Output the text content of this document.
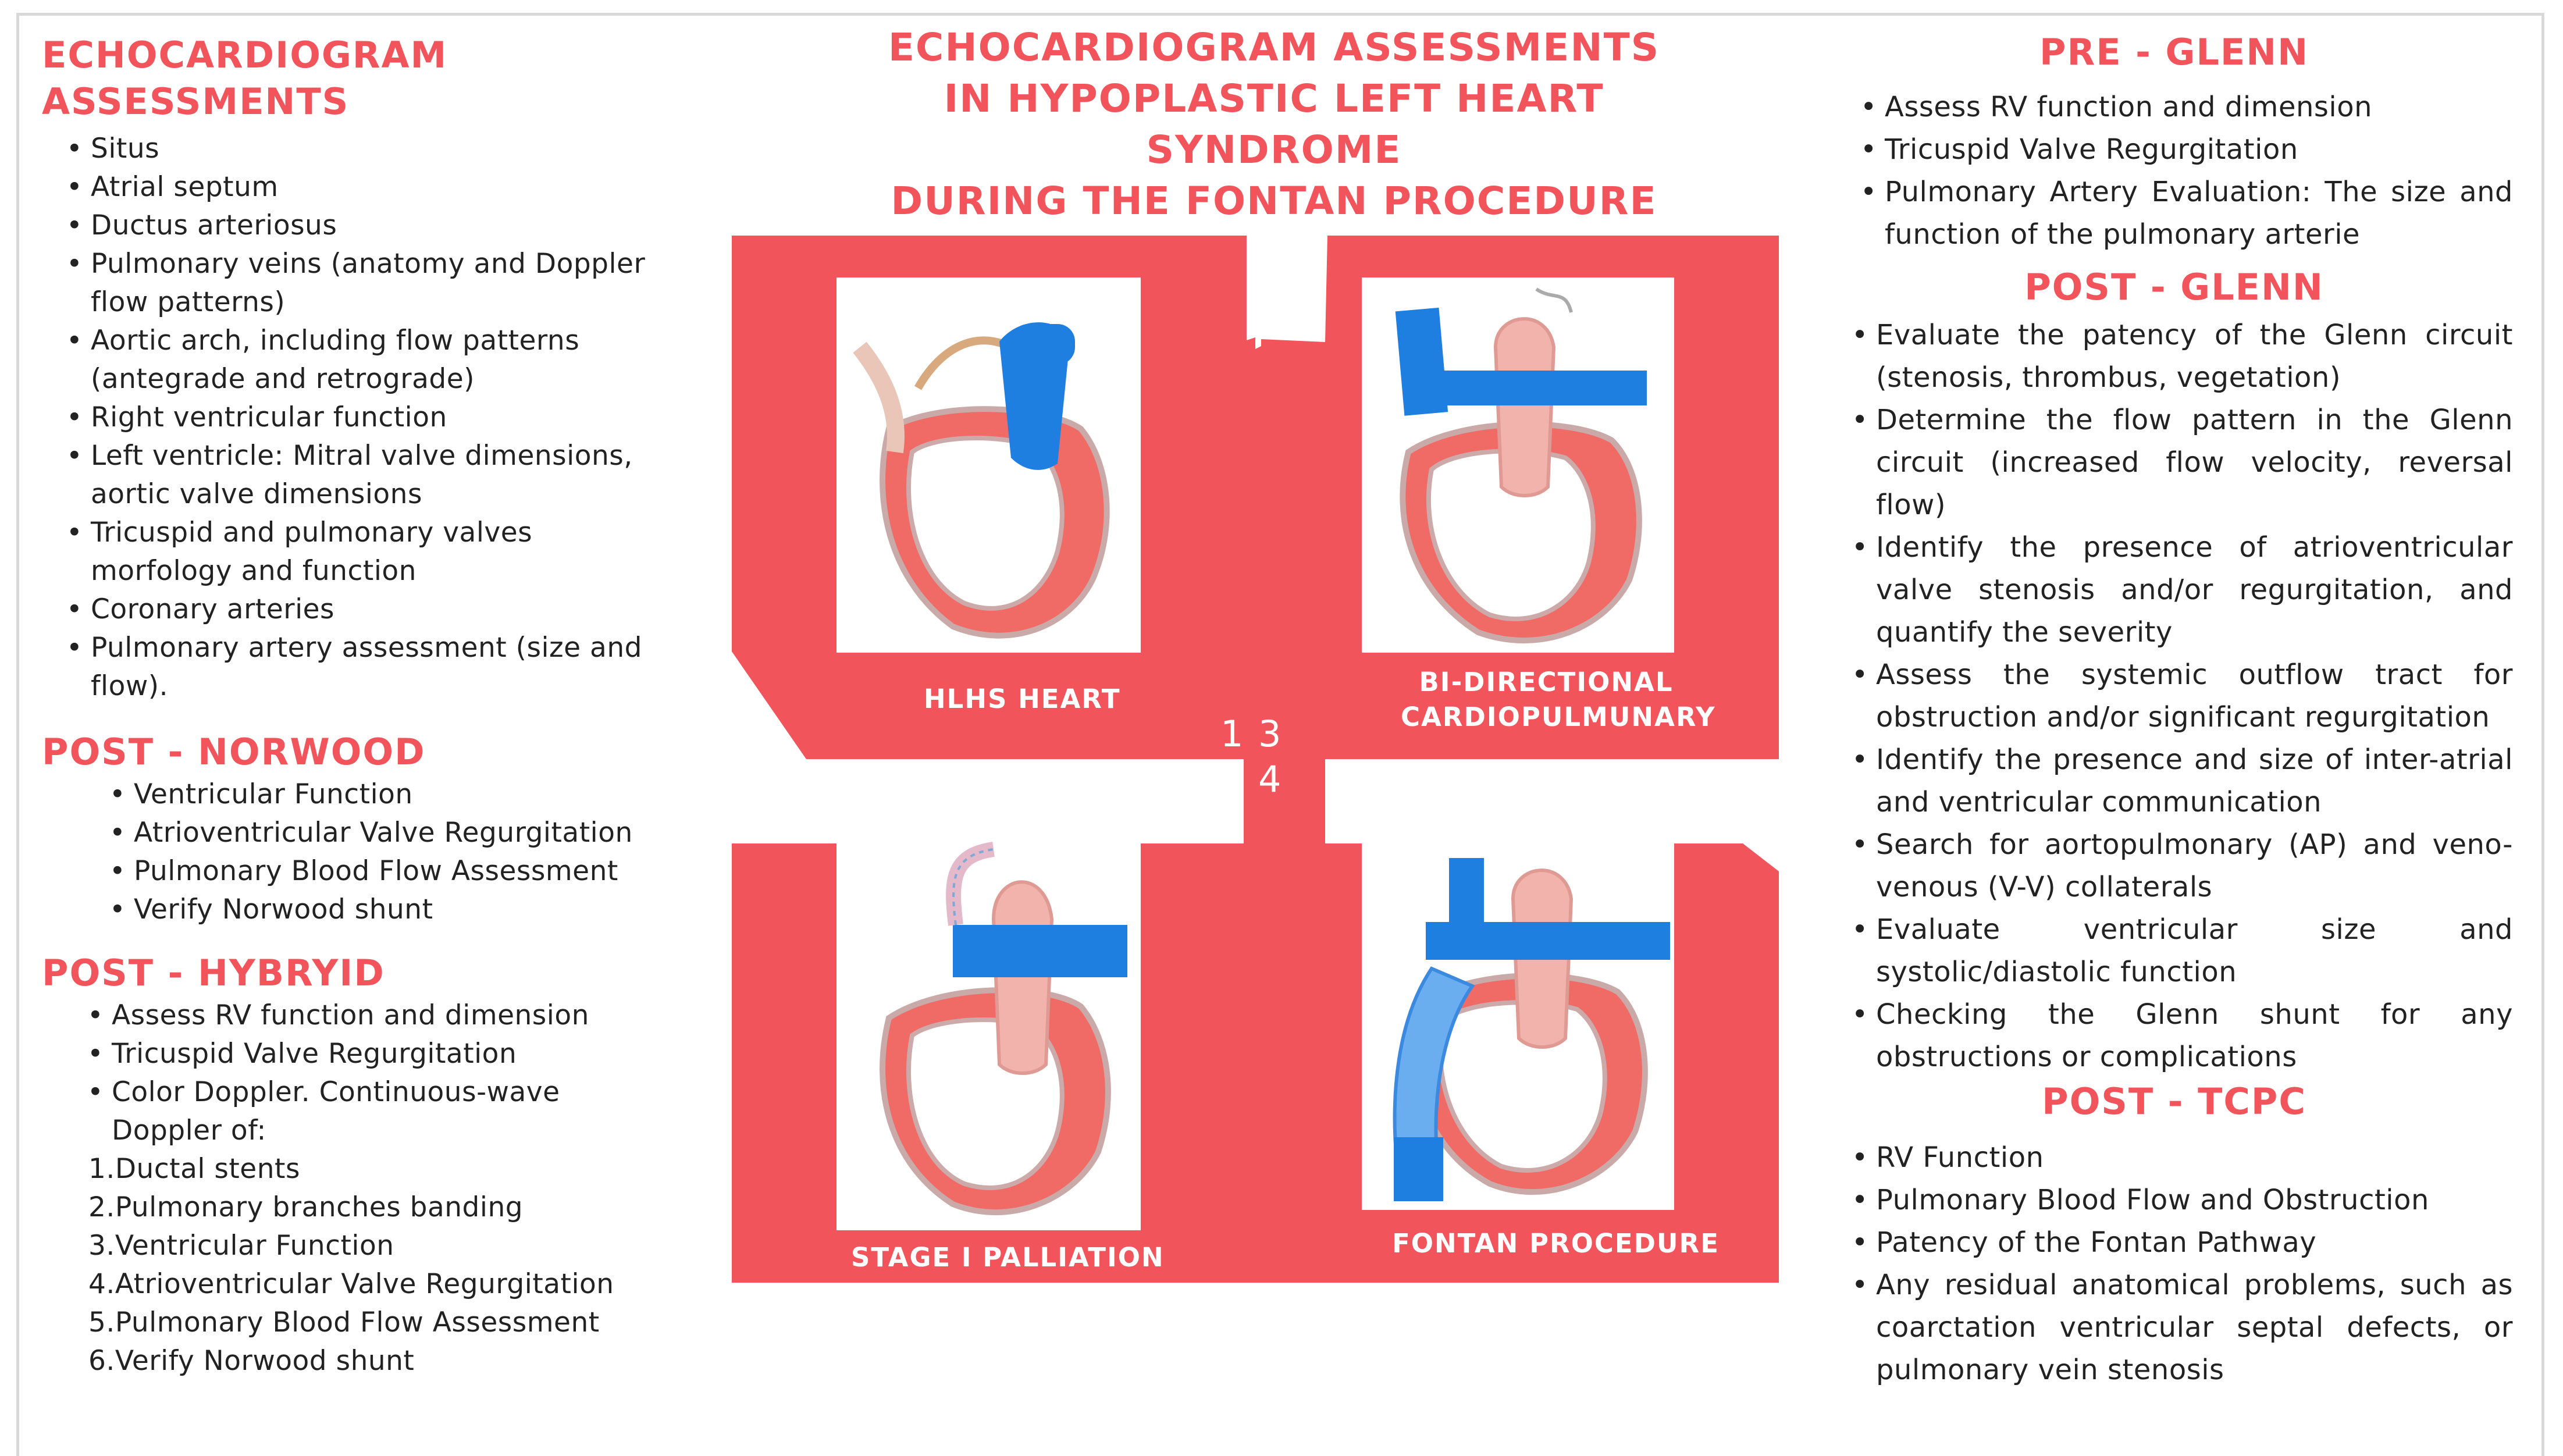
ECHOCARDIOGRAM
ASSESSMENTS
• Situs
• Atrial septum
• Ductus arteriosus
• Pulmonary veins (anatomy and Doppler flow patterns)
• Aortic arch, including flow patterns (antegrade and retrograde)
• Right ventricular function
• Left ventricle: Mitral valve dimensions, aortic valve dimensions
• Tricuspid and pulmonary valves morfology and function
• Coronary arteries
• Pulmonary artery assessment (size and flow).
POST - NORWOOD
• Ventricular Function
• Atrioventricular Valve Regurgitation
• Pulmonary Blood Flow Assessment
• Verify Norwood shunt
POST - HYBRYID
• Assess RV function and dimension
• Tricuspid Valve Regurgitation
• Color Doppler. Continuous-wave Doppler of:
1.Ductal stents
2.Pulmonary branches banding
3.Ventricular Function
4.Atrioventricular Valve Regurgitation
5.Pulmonary Blood Flow Assessment
6.Verify Norwood shunt
ECHOCARDIOGRAM ASSESSMENTS
IN HYPOPLASTIC LEFT HEART
SYNDROME
DURING THE FONTAN PROCEDURE
HLHS HEART
BI-DIRECTIONAL
CARDIOPULMUNARY
STAGE I PALLIATION	FONTAN PROCEDURE
1 3
2 4
PRE - GLENN
• Assess RV function and dimension
• Tricuspid Valve Regurgitation
• Pulmonary Artery Evaluation: The size and function of the pulmonary arterie
POST - GLENN
• Evaluate the patency of the Glenn circuit (stenosis, thrombus, vegetation)
• Determine the flow pattern in the Glenn circuit (increased flow velocity, reversal flow)
• Identify the presence of atrioventricular valve stenosis and/or regurgitation, and quantify the severity
• Assess the systemic outflow tract for obstruction and/or significant regurgitation
• Identify the presence and size of inter-atrial and ventricular communication
• Search for aortopulmonary (AP) and veno-venous (V-V) collaterals
• Evaluate ventricular size and systolic/diastolic function
• Checking the Glenn shunt for any obstructions or complications
POST - TCPC
• RV Function
• Pulmonary Blood Flow and Obstruction
• Patency of the Fontan Pathway
• Any residual anatomical problems, such as coarctation ventricular septal defects, or pulmonary vein stenosis
